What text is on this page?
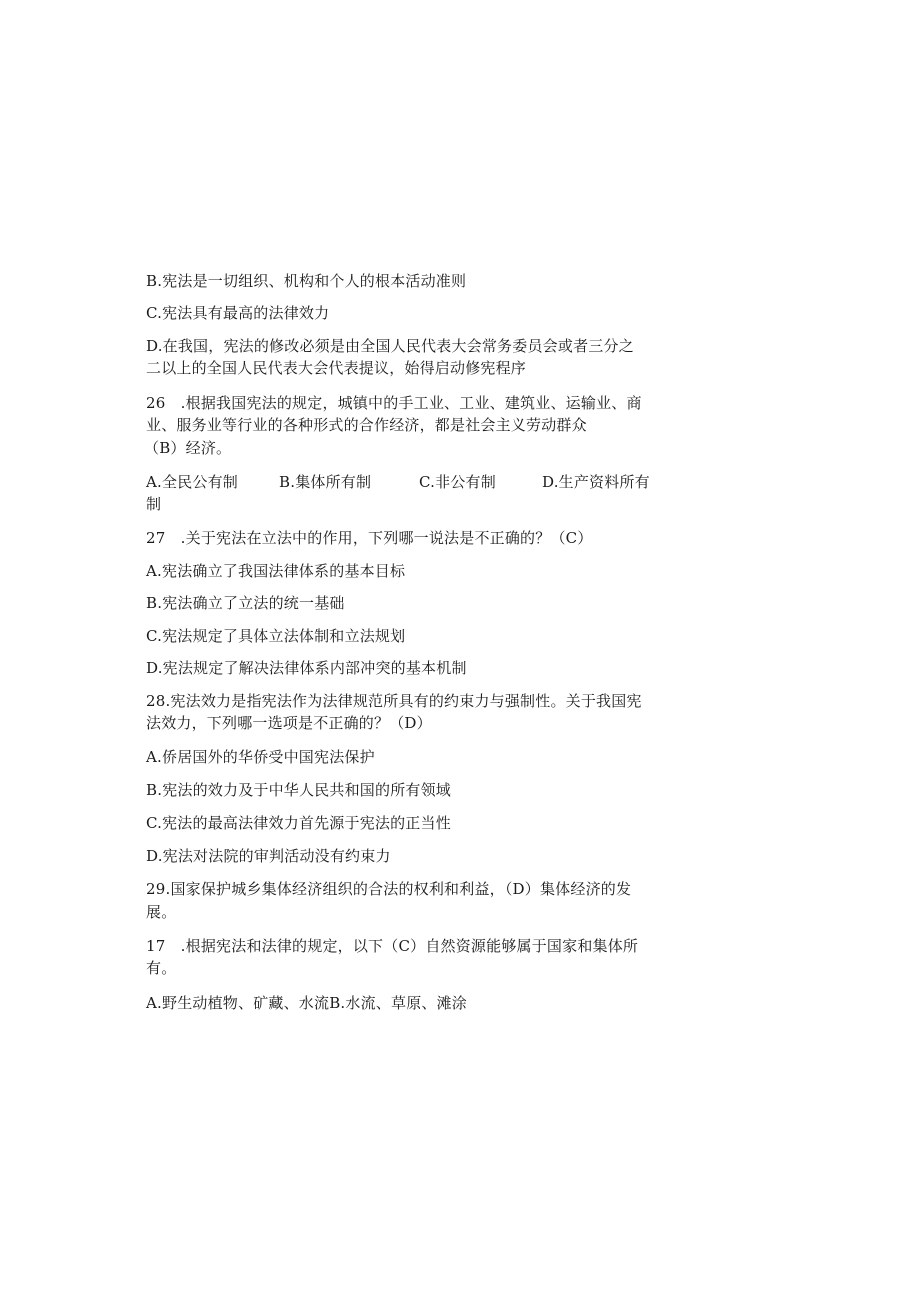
B.宪法是一切组织、机构和个人的根本活动准则
C.宪法具有最高的法律效力
D.在我国，宪法的修改必须是由全国人民代表大会常务委员会或者三分之
二以上的全国人民代表大会代表提议，始得启动修宪程序
26　.根据我国宪法的规定，城镇中的手工业、工业、建筑业、运输业、商
业、服务业等行业的各种形式的合作经济，都是社会主义劳动群众
（B）经济。
A.全民公有制	B.集体所有制	C.非公有制	D.生产资料所有
制
27　.关于宪法在立法中的作用，下列哪一说法是不正确的？（C）
A.宪法确立了我国法律体系的基本目标
B.宪法确立了立法的统一基础
C.宪法规定了具体立法体制和立法规划
D.宪法规定了解决法律体系内部冲突的基本机制
28.宪法效力是指宪法作为法律规范所具有的约束力与强制性。关于我国宪
法效力，下列哪一选项是不正确的？（D）
A.侨居国外的华侨受中国宪法保护
B.宪法的效力及于中华人民共和国的所有领域
C.宪法的最高法律效力首先源于宪法的正当性
D.宪法对法院的审判活动没有约束力
29.国家保护城乡集体经济组织的合法的权利和利益，（D）集体经济的发
展。
17　.根据宪法和法律的规定，以下（C）自然资源能够属于国家和集体所
有。
A.野生动植物、矿藏、水流B.水流、草原、滩涂
